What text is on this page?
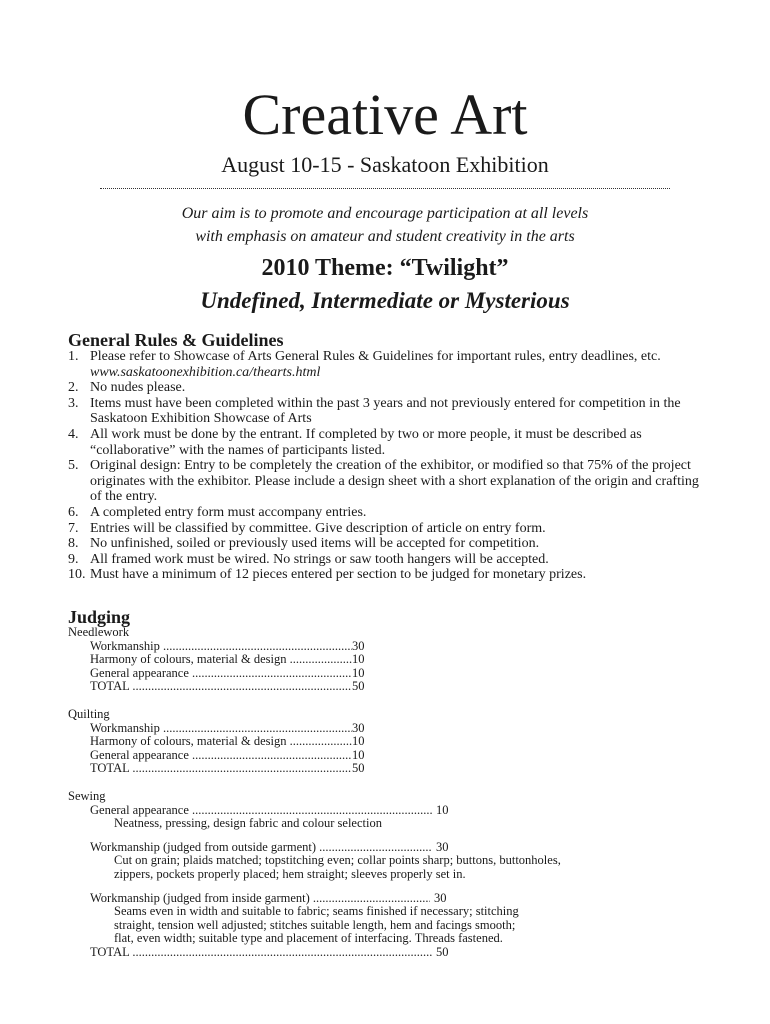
Creative Art
August 10-15 - Saskatoon Exhibition
Our aim is to promote and encourage participation at all levels
with emphasis on amateur and student creativity in the arts
2010 Theme: “Twilight”
Undefined, Intermediate or Mysterious
General Rules & Guidelines
1. Please refer to Showcase of Arts General Rules & Guidelines for important rules, entry deadlines, etc. www.saskatoonexhibition.ca/thearts.html
2. No nudes please.
3. Items must have been completed within the past 3 years and not previously entered for competition in the Saskatoon Exhibition Showcase of Arts
4. All work must be done by the entrant. If completed by two or more people, it must be described as “collaborative” with the names of participants listed.
5. Original design: Entry to be completely the creation of the exhibitor, or modified so that 75% of the project originates with the exhibitor. Please include a design sheet with a short explanation of the origin and crafting of the entry.
6. A completed entry form must accompany entries.
7. Entries will be classified by committee. Give description of article on entry form.
8. No unfinished, soiled or previously used items will be accepted for competition.
9. All framed work must be wired. No strings or saw tooth hangers will be accepted.
10. Must have a minimum of 12 pieces entered per section to be judged for monetary prizes.
Judging
Needlework
Workmanship .....	30
Harmony of colours, material & design .....	10
General appearance .....	10
TOTAL .....	50
Quilting
Workmanship .....	30
Harmony of colours, material & design .....	10
General appearance .....	10
TOTAL .....	50
Sewing
General appearance .....	10
Neatness, pressing, design fabric and colour selection
Workmanship (judged from outside garment) .....	30
Cut on grain; plaids matched; topstitching even; collar points sharp; buttons, buttonholes,
zippers, pockets properly placed; hem straight; sleeves properly set in.
Workmanship (judged from inside garment) .....	30
Seams even in width and suitable to fabric; seams finished if necessary; stitching
straight, tension well adjusted; stitches suitable length, hem and facings smooth;
flat, even width; suitable type and placement of interfacing. Threads fastened.
TOTAL .....	50
